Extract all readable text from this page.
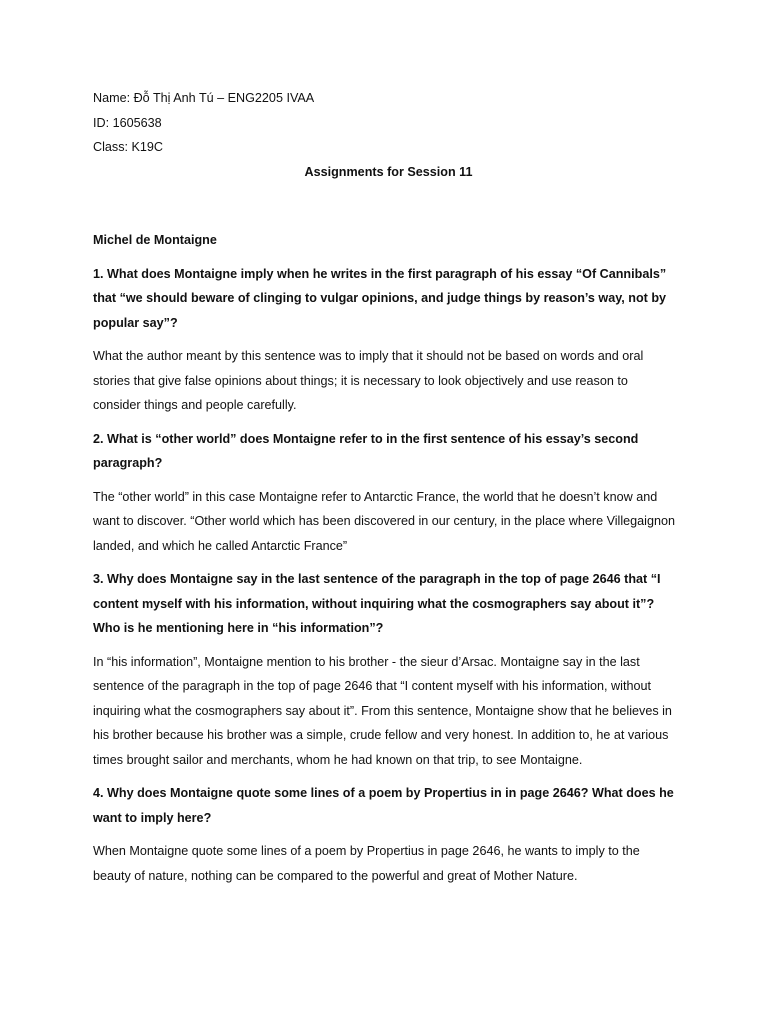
Name: Đỗ Thị Anh Tú – ENG2205 IVAA

ID: 1605638

Class: K19C

Assignments for Session 11

Michel de Montaigne

1. What does Montaigne imply when he writes in the first paragraph of his essay “Of Cannibals” that “we should beware of clinging to vulgar opinions, and judge things by reason’s way, not by popular say”?

What the author meant by this sentence was to imply that it should not be based on words and oral stories that give false opinions about things; it is necessary to look objectively and use reason to consider things and people carefully.

2. What is “other world” does Montaigne refer to in the first sentence of his essay’s second paragraph?

The “other world” in this case Montaigne refer to Antarctic France, the world that he doesn’t know and want to discover. “Other world which has been discovered in our century, in the place where Villegaignon landed, and which he called Antarctic France”

3. Why does Montaigne say in the last sentence of the paragraph in the top of page 2646 that “I content myself with his information, without inquiring what the cosmographers say about it”? Who is he mentioning here in “his information”?

In “his information”, Montaigne mention to his brother - the sieur d’Arsac. Montaigne say in the last sentence of the paragraph in the top of page 2646 that “I content myself with his information, without inquiring what the cosmographers say about it”. From this sentence, Montaigne show that he believes in his brother because his brother was a simple, crude fellow and very honest. In addition to, he at various times brought sailor and merchants, whom he had known on that trip, to see Montaigne.

4. Why does Montaigne quote some lines of a poem by Propertius in in page 2646? What does he want to imply here?

When Montaigne quote some lines of a poem by Propertius in page 2646, he wants to imply to the beauty of nature, nothing can be compared to the powerful and great of Mother Nature.
